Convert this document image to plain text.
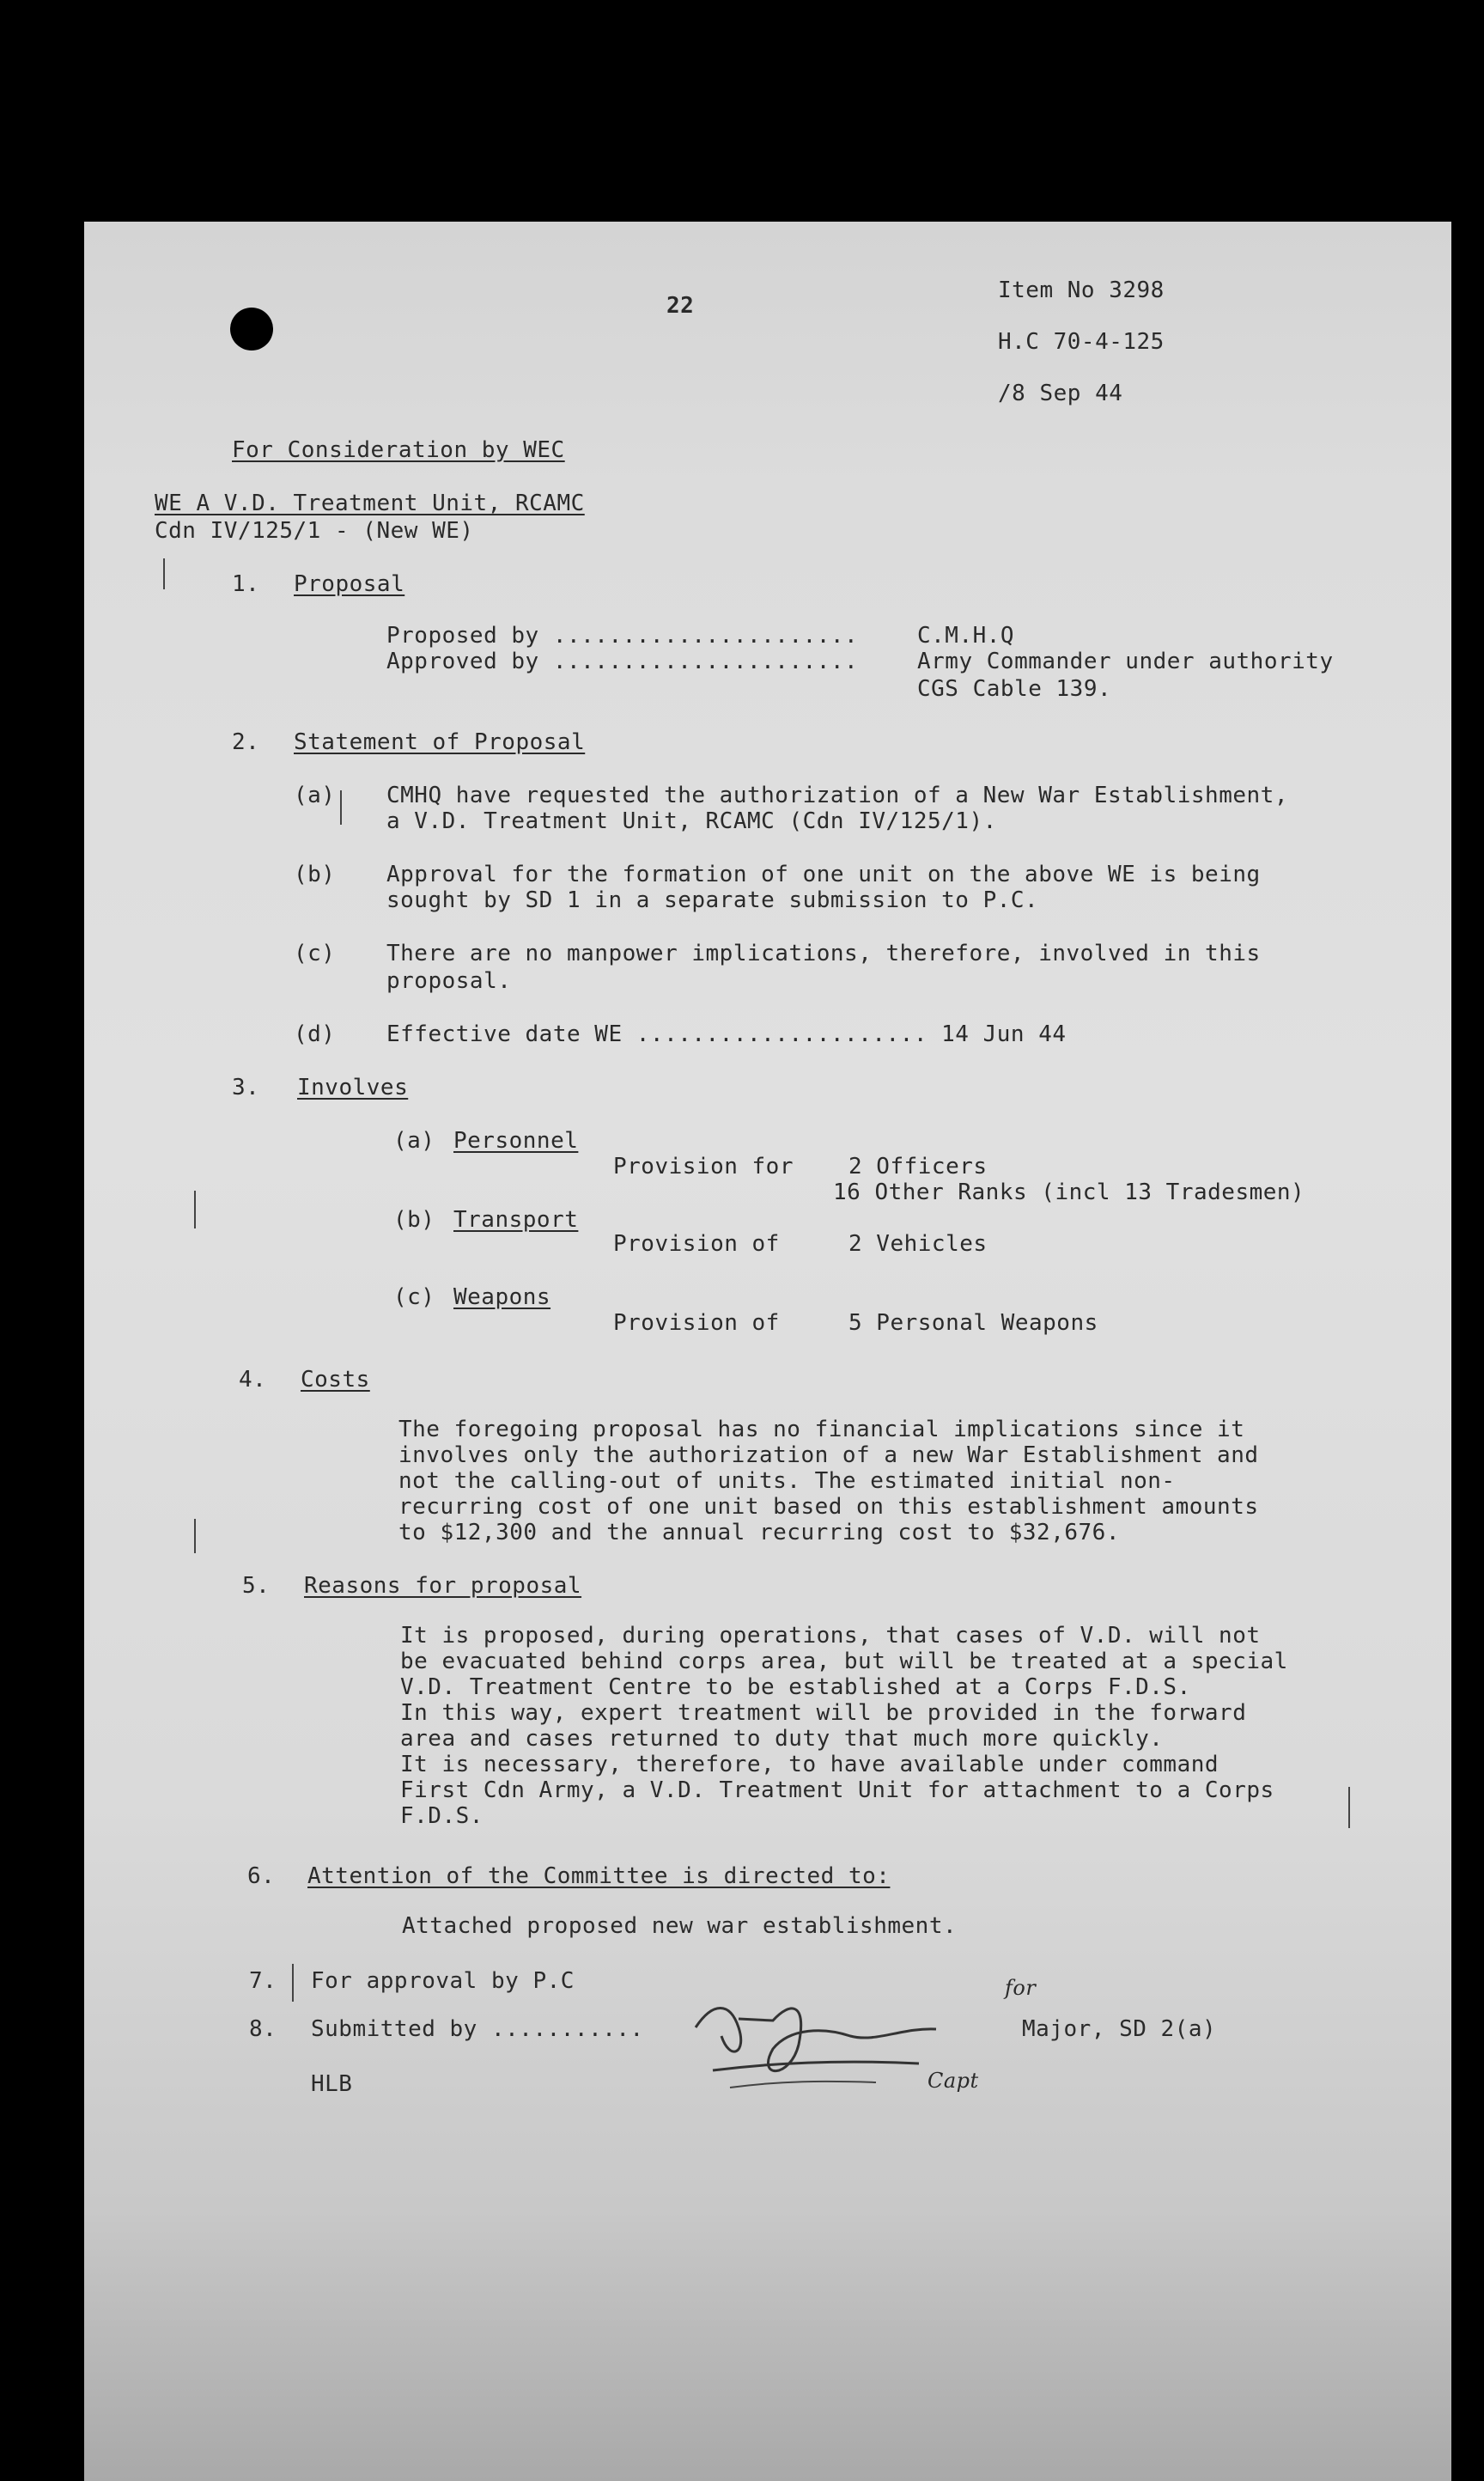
22
Item No 3298
H.C 70-4-125
/8 Sep 44
For Consideration by WEC
WE A V.D. Treatment Unit, RCAMC
Cdn IV/125/1 - (New WE)
1. Proposal
Proposed by ......................	C.M.H.Q
Approved by ......................	Army Commander under authority
CGS Cable 139.
2. Statement of Proposal
(a) CMHQ have requested the authorization of a New War Establishment,
a V.D. Treatment Unit, RCAMC (Cdn IV/125/1).
(b) Approval for the formation of one unit on the above WE is being
sought by SD 1 in a separate submission to P.C.
(c) There are no manpower implications, therefore, involved in this
proposal.
(d) Effective date WE ..................... 14 Jun 44
3. Involves
(a) Personnel
Provision for 2 Officers
16 Other Ranks (incl 13 Tradesmen)
(b) Transport
Provision of	2 Vehicles
(c) Weapons
Provision of	5 Personal Weapons
4. Costs
The foregoing proposal has no financial implications since it
involves only the authorization of a new War Establishment and
not the calling-out of units. The estimated initial non-
recurring cost of one unit based on this establishment amounts
to $12,300 and the annual recurring cost to $32,676.
5. Reasons for proposal
It is proposed, during operations, that cases of V.D. will not
be evacuated behind corps area, but will be treated at a special
V.D. Treatment Centre to be established at a Corps F.D.S.
In this way, expert treatment will be provided in the forward
area and cases returned to duty that much more quickly.
It is necessary, therefore, to have available under command
First Cdn Army, a V.D. Treatment Unit for attachment to a Corps
F.D.S.
6. Attention of the Committee is directed to:
Attached proposed new war establishment.
7. For approval by P.C
8. Submitted by ...........	Major, SD 2(a)
for
Capt
HLB
